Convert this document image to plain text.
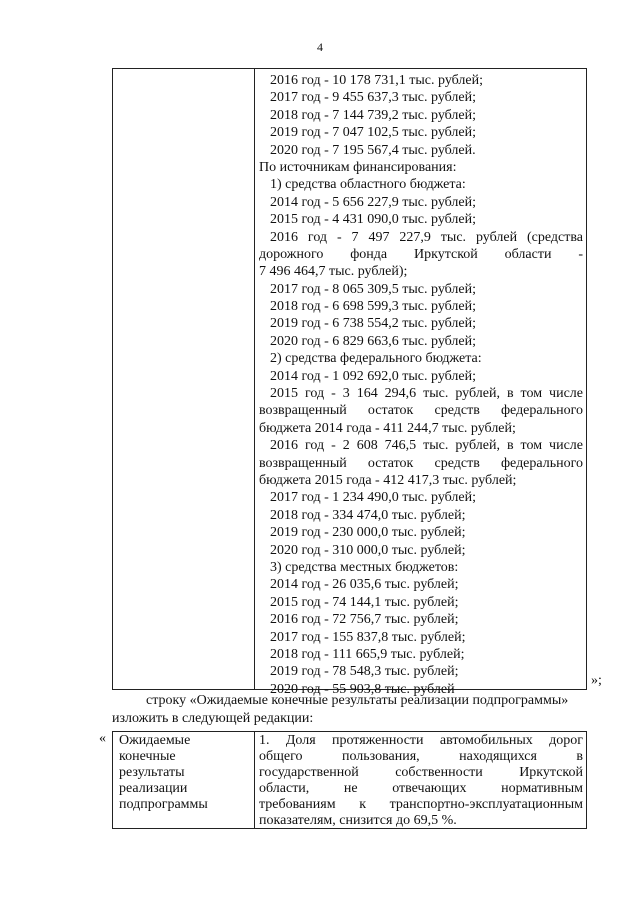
4
2016 год - 10 178 731,1 тыс. рублей;
2017 год - 9 455 637,3 тыс. рублей;
2018 год - 7 144 739,2 тыс. рублей;
2019 год - 7 047 102,5 тыс. рублей;
2020 год - 7 195 567,4 тыс. рублей.
По источникам финансирования:
1) средства областного бюджета:
2014 год - 5 656 227,9 тыс. рублей;
2015 год - 4 431 090,0 тыс. рублей;
2016 год - 7 497 227,9 тыс. рублей (средства
дорожного фонда Иркутской области -
7 496 464,7 тыс. рублей);
2017 год - 8 065 309,5 тыс. рублей;
2018 год - 6 698 599,3 тыс. рублей;
2019 год - 6 738 554,2 тыс. рублей;
2020 год - 6 829 663,6 тыс. рублей;
2) средства федерального бюджета:
2014 год - 1 092 692,0 тыс. рублей;
2015 год - 3 164 294,6 тыс. рублей, в том числе
возвращенный остаток средств федерального
бюджета 2014 года - 411 244,7 тыс. рублей;
2016 год - 2 608 746,5 тыс. рублей, в том числе
возвращенный остаток средств федерального
бюджета 2015 года - 412 417,3 тыс. рублей;
2017 год - 1 234 490,0 тыс. рублей;
2018 год - 334 474,0 тыс. рублей;
2019 год - 230 000,0 тыс. рублей;
2020 год - 310 000,0 тыс. рублей;
3) средства местных бюджетов:
2014 год - 26 035,6 тыс. рублей;
2015 год - 74 144,1 тыс. рублей;
2016 год - 72 756,7 тыс. рублей;
2017 год - 155 837,8 тыс. рублей;
2018 год - 111 665,9 тыс. рублей;
2019 год - 78 548,3 тыс. рублей;
2020 год - 55 903,8 тыс. рублей
»;
строку «Ожидаемые конечные результаты реализации подпрограммы»
изложить в следующей редакции:
« Ожидаемые
конечные
результаты
реализации
подпрограммы
1. Доля протяженности автомобильных дорог
общего пользования, находящихся в
государственной собственности Иркутской
области, не отвечающих нормативным
требованиям к транспортно-эксплуатационным
показателям, снизится до 69,5 %.
